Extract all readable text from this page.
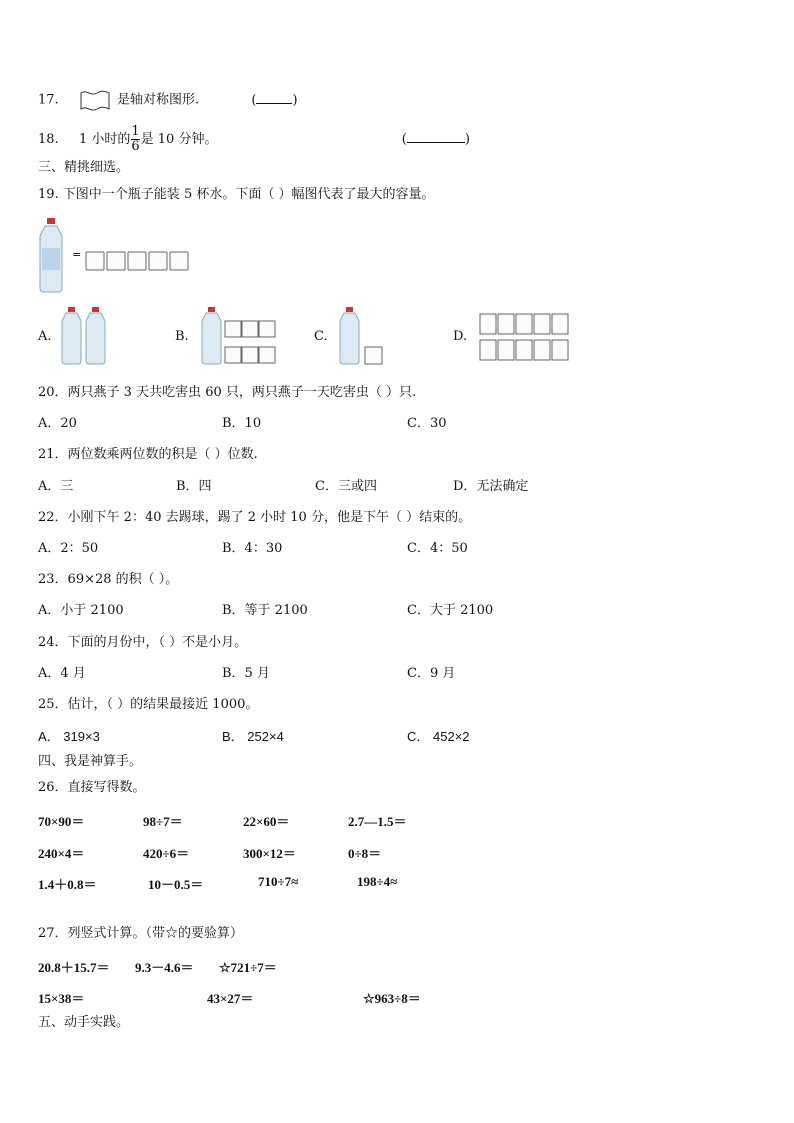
17.	是轴对称图形.	(	)
18. 1 小时的 $\frac{1}{6}$ 是 10 分钟。	(	)
三、精挑细选。
19. 下图中一个瓶子能装 5 杯水。下面（ ）幅图代表了最大的容量。
=
A.	B.	C.	D.
20．两只燕子 3 天共吃害虫 60 只，两只燕子一天吃害虫（ ）只.
A．20	B．10	C．30
21．两位数乘两位数的积是（ ）位数.
A．三	B．四	C．三或四	D．无法确定
22．小刚下午 2：40 去踢球，踢了 2 小时 10 分，他是下午（ ）结束的。
A．2：50	B．4：30	C．4：50
23．69×28 的积（ ）。
A．小于 2100	B．等于 2100	C．大于 2100
24．下面的月份中，（ ）不是小月。
A．4 月	B．5 月	C．9 月
25．估计，（ ）的结果最接近 1000。
A． 319×3	B． 252×4	C． 452×2
四、我是神算手。
26．直接写得数。
70×90＝	98÷7＝	22×60＝	2.7—1.5＝
240×4＝	420÷6＝	300×12＝	0÷8＝
1.4＋0.8＝	10－0.5＝	710÷7≈	198÷4≈
27．列竖式计算。（带☆的要验算）
20.8＋15.7＝ 9.3－4.6＝ ☆721÷7＝
15×38＝	43×27＝	☆963÷8＝
五、动手实践。
